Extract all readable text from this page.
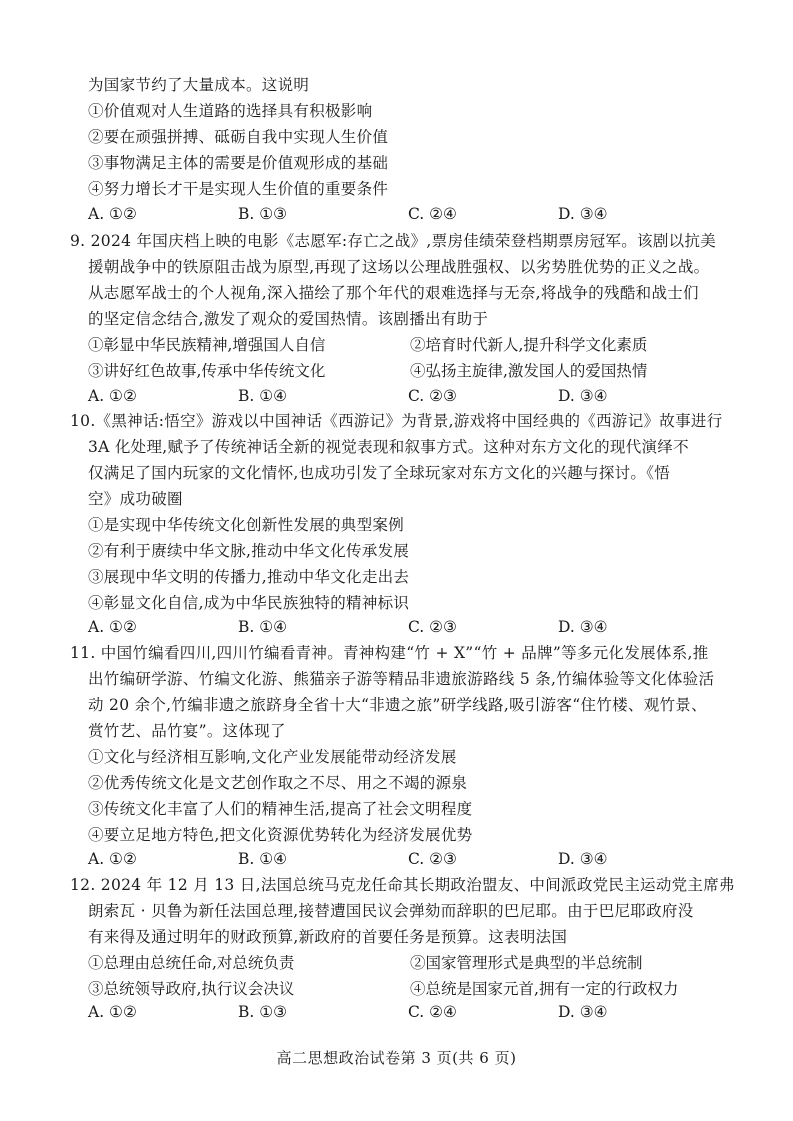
为国家节约了大量成本。这说明
①价值观对人生道路的选择具有积极影响
②要在顽强拼搏、砥砺自我中实现人生价值
③事物满足主体的需要是价值观形成的基础
④努力增长才干是实现人生价值的重要条件
A. ①②	B. ①③	C. ②④	D. ③④
9. 2024 年国庆档上映的电影《志愿军:存亡之战》,票房佳绩荣登档期票房冠军。该剧以抗美
援朝战争中的铁原阻击战为原型,再现了这场以公理战胜强权、以劣势胜优势的正义之战。
从志愿军战士的个人视角,深入描绘了那个年代的艰难选择与无奈,将战争的残酷和战士们
的坚定信念结合,激发了观众的爱国热情。该剧播出有助于
①彰显中华民族精神,增强国人自信	②培育时代新人,提升科学文化素质
③讲好红色故事,传承中华传统文化	④弘扬主旋律,激发国人的爱国热情
A. ①②	B. ①④	C. ②③	D. ③④
10.《黑神话:悟空》游戏以中国神话《西游记》为背景,游戏将中国经典的《西游记》故事进行
3A 化处理,赋予了传统神话全新的视觉表现和叙事方式。这种对东方文化的现代演绎不
仅满足了国内玩家的文化情怀,也成功引发了全球玩家对东方文化的兴趣与探讨。《悟
空》成功破圈
①是实现中华传统文化创新性发展的典型案例
②有利于赓续中华文脉,推动中华文化传承发展
③展现中华文明的传播力,推动中华文化走出去
④彰显文化自信,成为中华民族独特的精神标识
A. ①②	B. ①④	C. ②③	D. ③④
11. 中国竹编看四川,四川竹编看青神。青神构建“竹 + X”“竹 + 品牌”等多元化发展体系,推
出竹编研学游、竹编文化游、熊猫亲子游等精品非遗旅游路线 5 条,竹编体验等文化体验活
动 20 余个,竹编非遗之旅跻身全省十大“非遗之旅”研学线路,吸引游客“住竹楼、观竹景、
赏竹艺、品竹宴”。这体现了
①文化与经济相互影响,文化产业发展能带动经济发展
②优秀传统文化是文艺创作取之不尽、用之不竭的源泉
③传统文化丰富了人们的精神生活,提高了社会文明程度
④要立足地方特色,把文化资源优势转化为经济发展优势
A. ①②	B. ①④	C. ②③	D. ③④
12. 2024 年 12 月 13 日,法国总统马克龙任命其长期政治盟友、中间派政党民主运动党主席弗
朗索瓦 · 贝鲁为新任法国总理,接替遭国民议会弹劾而辞职的巴尼耶。由于巴尼耶政府没
有来得及通过明年的财政预算,新政府的首要任务是预算。这表明法国
①总理由总统任命,对总统负责	②国家管理形式是典型的半总统制
③总统领导政府,执行议会决议	④总统是国家元首,拥有一定的行政权力
A. ①②	B. ①③	C. ②④	D. ③④
高二思想政治试卷第 3 页(共 6 页)
